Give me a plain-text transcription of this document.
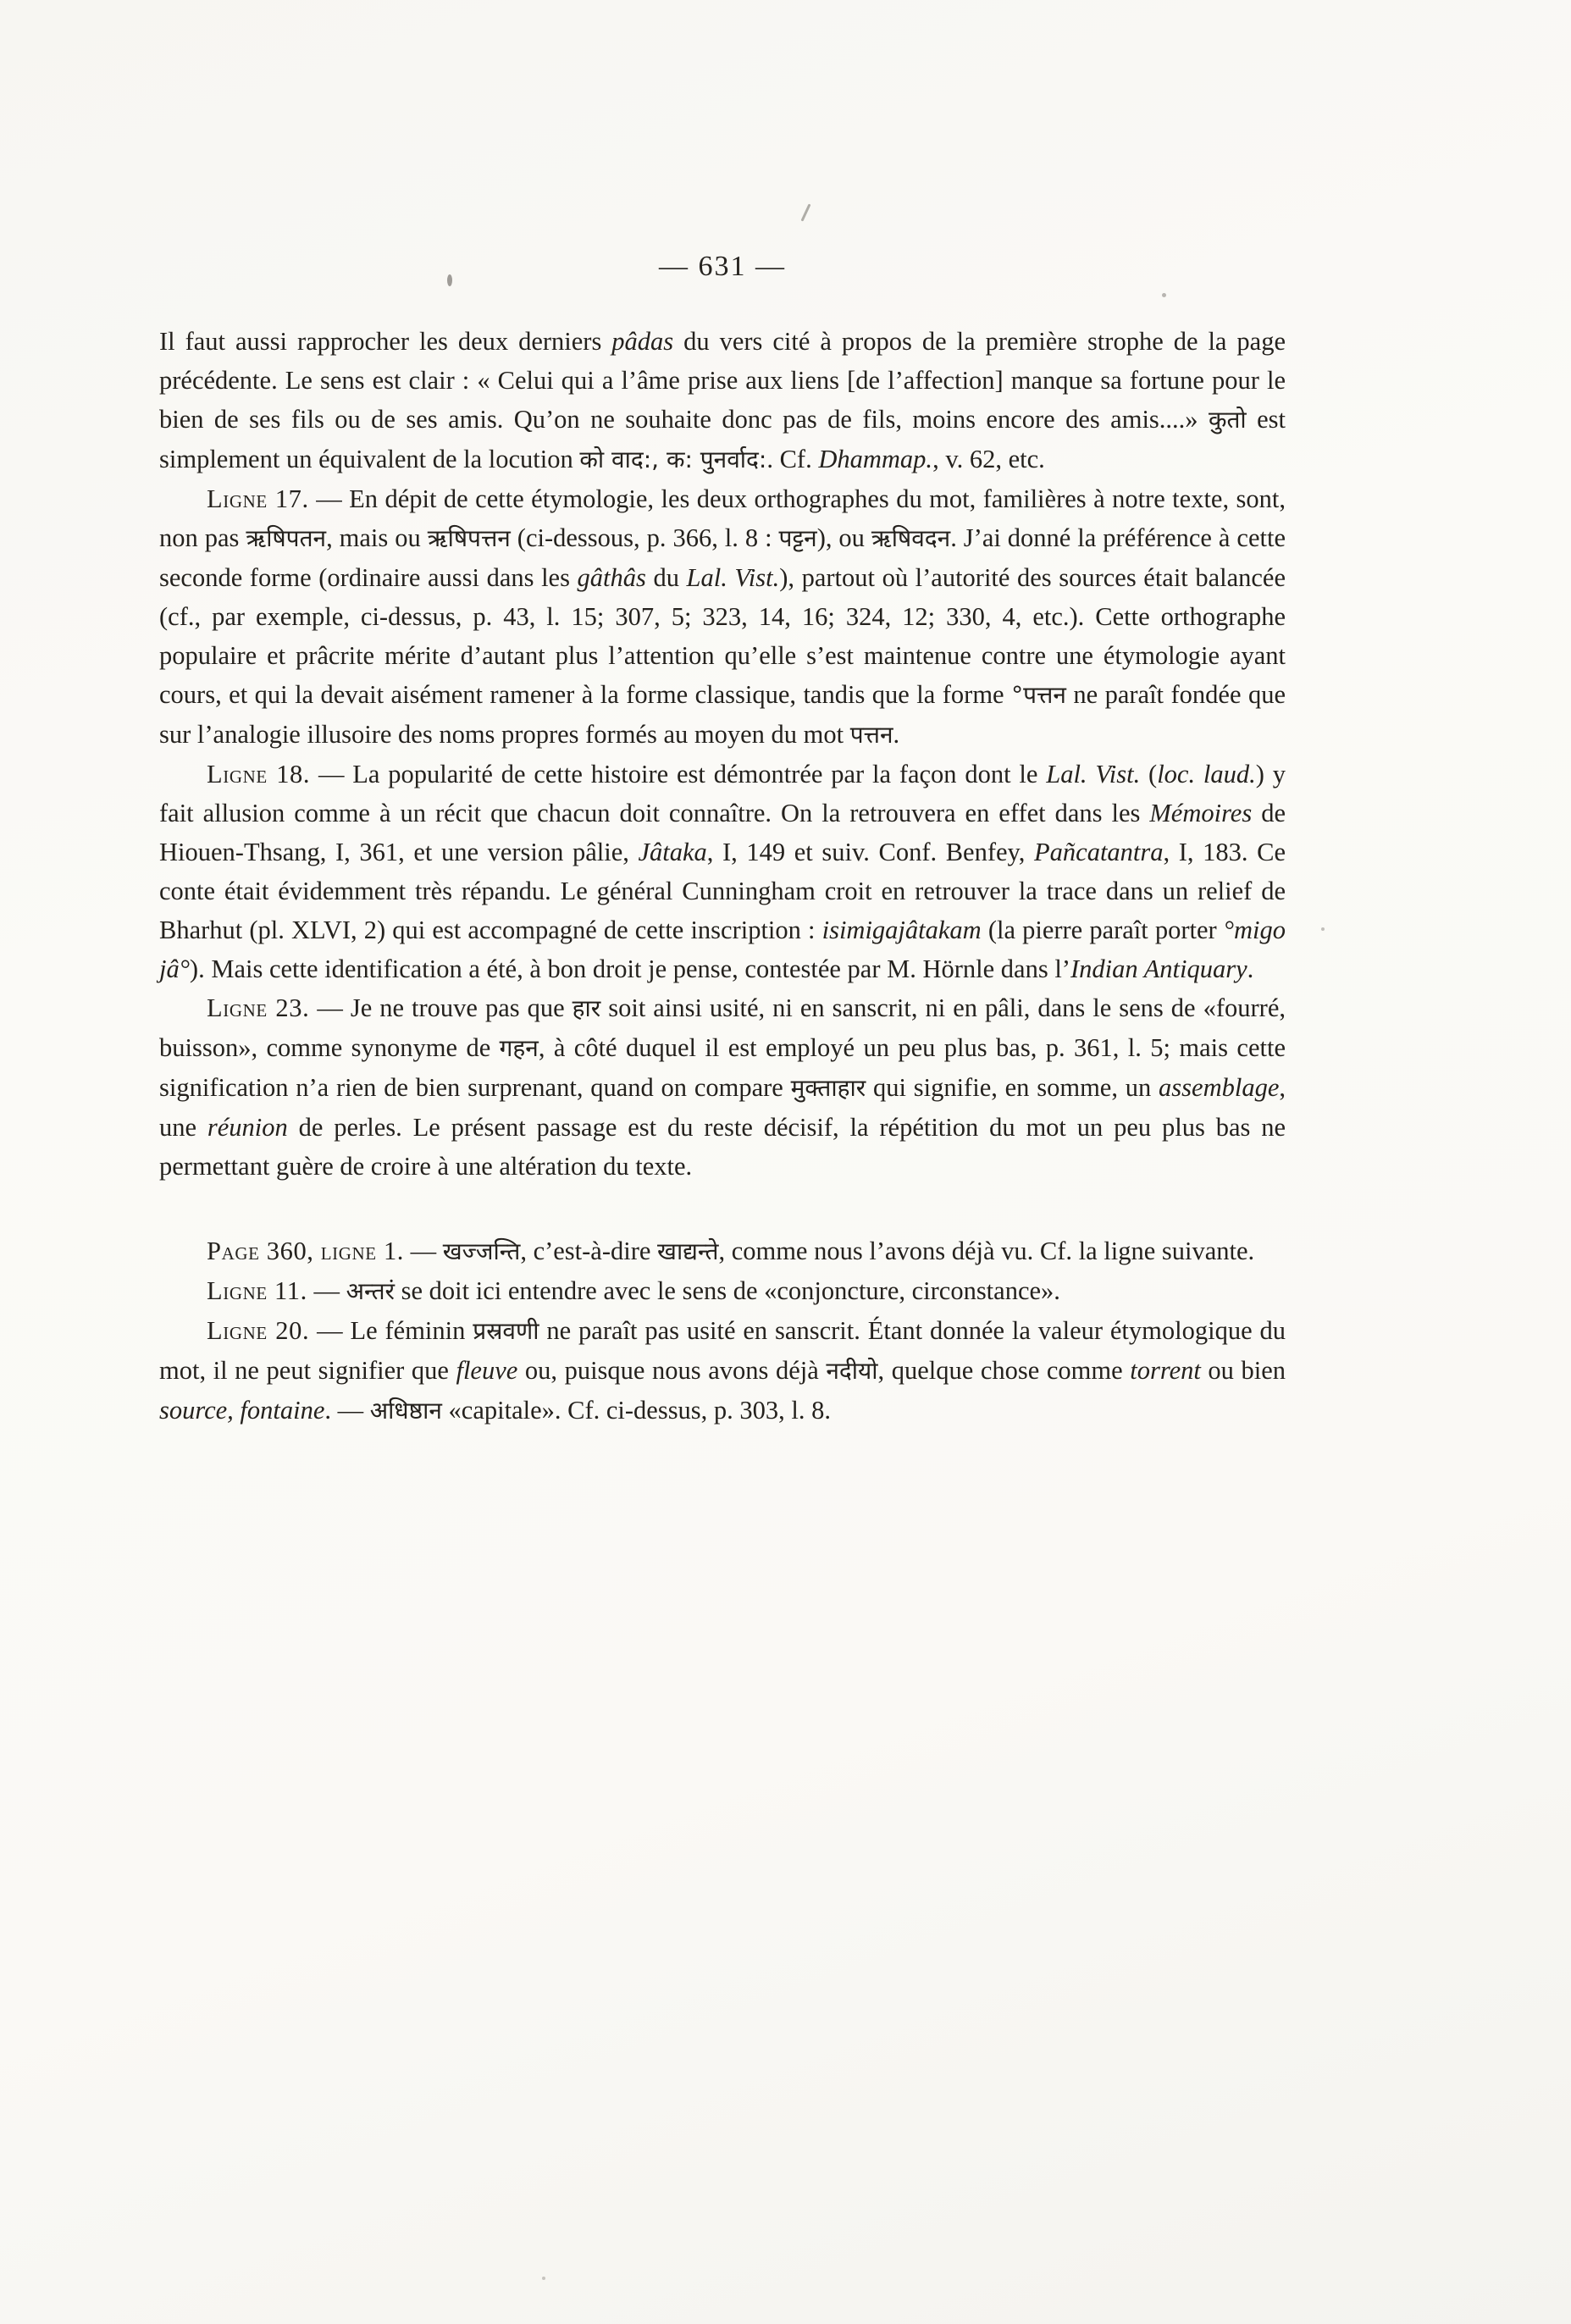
— 631 —

Il faut aussi rapprocher les deux derniers pâdas du vers cité à propos de la première strophe de la page précédente. Le sens est clair : « Celui qui a l’âme prise aux liens [de l’affection] manque sa fortune pour le bien de ses fils ou de ses amis. Qu’on ne souhaite donc pas de fils, moins encore des amis....» कुतो est simplement un équivalent de la locution को वाद:, क: पुनर्वाद:. Cf. Dhammap., v. 62, etc.

Ligne 17. — En dépit de cette étymologie, les deux orthographes du mot, familières à notre texte, sont, non pas ऋषिपतन, mais ou ऋषिपत्तन (ci-dessous, p. 366, l. 8 : पट्टन), ou ऋषिवदन. J’ai donné la préférence à cette seconde forme (ordinaire aussi dans les gâthâs du Lal. Vist.), partout où l’autorité des sources était balancée (cf., par exemple, ci-dessus, p. 43, l. 15; 307, 5; 323, 14, 16; 324, 12; 330, 4, etc.). Cette orthographe populaire et prâcrite mérite d’autant plus l’attention qu’elle s’est maintenue contre une étymologie ayant cours, et qui la devait aisément ramener à la forme classique, tandis que la forme °पत्तन ne paraît fondée que sur l’analogie illusoire des noms propres formés au moyen du mot पत्तन.

Ligne 18. — La popularité de cette histoire est démontrée par la façon dont le Lal. Vist. (loc. laud.) y fait allusion comme à un récit que chacun doit connaître. On la retrouvera en effet dans les Mémoires de Hiouen-Thsang, I, 361, et une version pâlie, Jâtaka, I, 149 et suiv. Conf. Benfey, Pañcatantra, I, 183. Ce conte était évidemment très répandu. Le général Cunningham croit en retrouver la trace dans un relief de Bharhut (pl. XLVI, 2) qui est accompagné de cette inscription : isimigajâtakam (la pierre paraît porter °migo jâ°). Mais cette identification a été, à bon droit je pense, contestée par M. Hörnle dans l’Indian Antiquary.

Ligne 23. — Je ne trouve pas que हार soit ainsi usité, ni en sanscrit, ni en pâli, dans le sens de «fourré, buisson», comme synonyme de गहन, à côté duquel il est employé un peu plus bas, p. 361, l. 5; mais cette signification n’a rien de bien surprenant, quand on compare मुक्ताहार qui signifie, en somme, un assemblage, une réunion de perles. Le présent passage est du reste décisif, la répétition du mot un peu plus bas ne permettant guère de croire à une altération du texte.

Page 360, ligne 1. — खज्जन्ति, c’est-à-dire खाद्यन्ते, comme nous l’avons déjà vu. Cf. la ligne suivante.

Ligne 11. — अन्तरं se doit ici entendre avec le sens de «conjoncture, circonstance».

Ligne 20. — Le féminin प्रस्रवणी ne paraît pas usité en sanscrit. Étant donnée la valeur étymologique du mot, il ne peut signifier que fleuve ou, puisque nous avons déjà नदीयो, quelque chose comme torrent ou bien source, fontaine. — अधिष्ठान «capitale». Cf. ci-dessus, p. 303, l. 8.
